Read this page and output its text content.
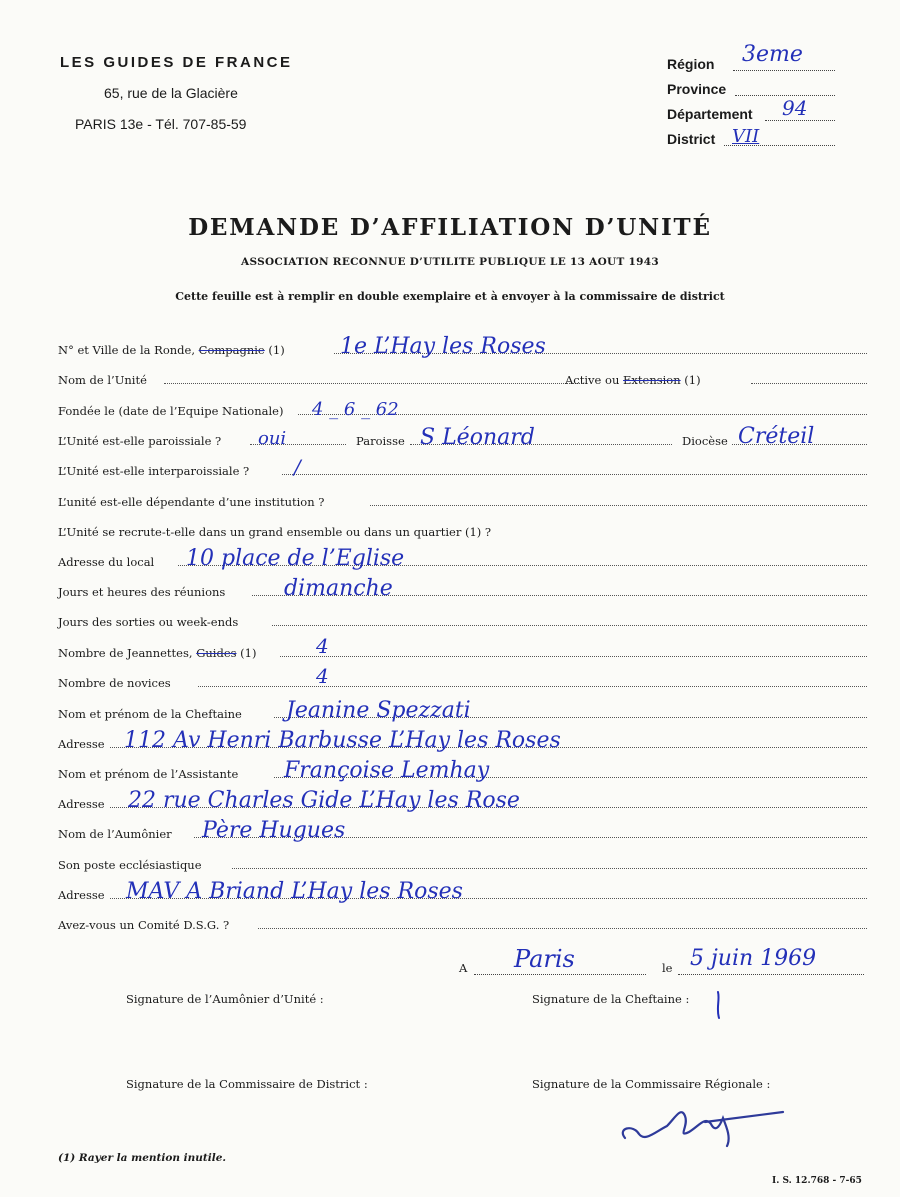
LES GUIDES DE FRANCE
65, rue de la Glacière
PARIS 13e - Tél. 707-85-59
Région 3eme
Province
Département 94
District VII
DEMANDE D’AFFILIATION D’UNITÉ
ASSOCIATION RECONNUE D’UTILITE PUBLIQUE LE 13 AOUT 1943
Cette feuille est à remplir en double exemplaire et à envoyer à la commissaire de district
N° et Ville de la Ronde, Compagnie (1)	1e L’Hay les Roses
Nom de l’Unité	Active ou Extension (1)
Fondée le (date de l’Equipe Nationale) 4 _ 6 _ 62
L’Unité est-elle paroissiale ? oui	Paroisse S Léonard	Diocèse Créteil
L’Unité est-elle interparoissiale ? /
L’unité est-elle dépendante d’une institution ?
L’Unité se recrute-t-elle dans un grand ensemble ou dans un quartier (1) ?
Adresse du local 10 place de l’Eglise
Jours et heures des réunions	dimanche
Jours des sorties ou week-ends
Nombre de Jeannettes, Guides (1)	4
Nombre de novices	4
Nom et prénom de la Cheftaine Jeanine Spezzati
Adresse 112 Av Henri Barbusse L’Hay les Roses
Nom et prénom de l’Assistante Françoise Lemhay
Adresse 22 rue Charles Gide L’Hay les Rose
Nom de l’Aumônier Père Hugues
Son poste ecclésiastique
Adresse MAV A Briand L’Hay les Roses
Avez-vous un Comité D.S.G. ?
A Paris	le 5 juin 1969
Signature de l’Aumônier d’Unité :	Signature de la Cheftaine :
Signature de la Commissaire de District :	Signature de la Commissaire Régionale :
(1) Rayer la mention inutile.
I. S. 12.768 - 7-65
